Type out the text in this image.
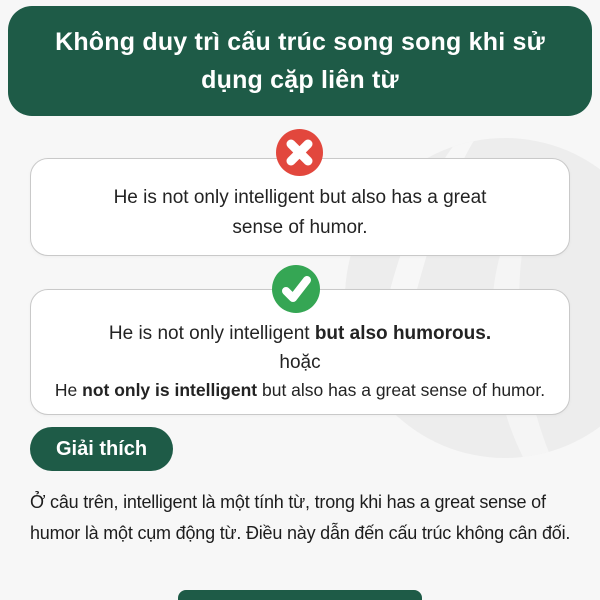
Không duy trì cấu trúc song song khi sử
dụng cặp liên từ
He is not only intelligent but also has a great
sense of humor.
He is not only intelligent but also humorous.
hoặc
He not only is intelligent but also has a great sense of humor.
Giải thích
Ở câu trên, intelligent là một tính từ, trong khi has a great sense of
humor là một cụm động từ. Điều này dẫn đến cấu trúc không cân đối.
